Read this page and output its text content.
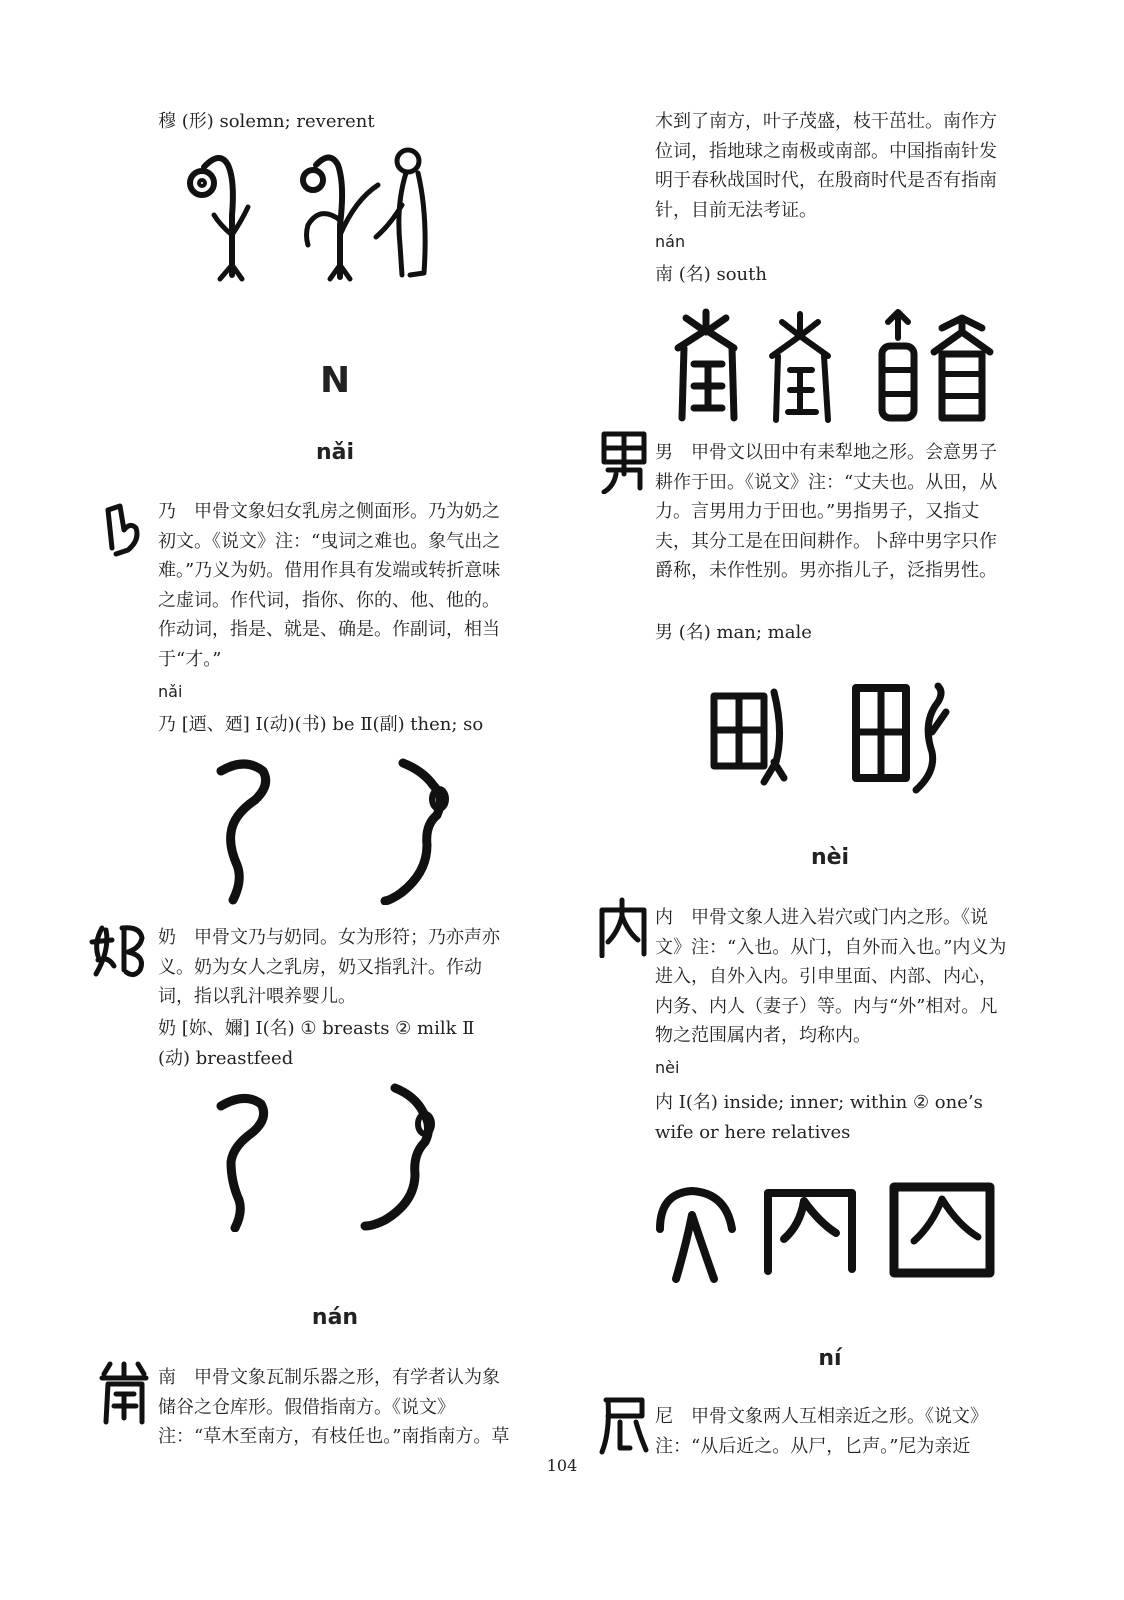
穆 (形) solemn; reverent
N
nǎi

乃　甲骨文象妇女乳房之侧面形。乃为奶之初文。《说文》注：“曳词之难也。象气出之难。”乃义为奶。借用作具有发端或转折意味之虚词。作代词，指你、你的、他、他的。作动词，指是、就是、确是。作副词，相当于“才。”

nǎi
乃 [迺、廼] Ⅰ(动)(书) be Ⅱ(副) then; so

奶　甲骨文乃与奶同。女为形符；乃亦声亦义。奶为女人之乳房，奶又指乳汁。作动词，指以乳汁喂养婴儿。

奶 [妳、嬭] Ⅰ(名) ① breasts ② milk Ⅱ (动) breastfeed

nán

南　甲骨文象瓦制乐器之形，有学者认为象储谷之仓库形。假借指南方。《说文》注：“草木至南方，有枝任也。”南指南方。草

木到了南方，叶子茂盛，枝干茁壮。南作方位词，指地球之南极或南部。中国指南针发明于春秋战国时代，在殷商时代是否有指南针，目前无法考证。

nán
南 (名) south

男　甲骨文以田中有耒犁地之形。会意男子耕作于田。《说文》注：“丈夫也。从田，从力。言男用力于田也。”男指男子，又指丈夫，其分工是在田间耕作。卜辞中男字只作爵称，未作性别。男亦指儿子，泛指男性。

男 (名) man; male
nèi

内　甲骨文象人进入岩穴或门内之形。《说文》注：“入也。从门，自外而入也。”内义为进入，自外入内。引申里面、内部、内心，内务、内人（妻子）等。内与“外”相对。凡物之范围属内者，均称内。

nèi

内 Ⅰ(名) inside; inner; within ② one’s wife or here relatives

ní

尼　甲骨文象两人互相亲近之形。《说文》注：“从后近之。从尸，匕声。”尼为亲近

104
